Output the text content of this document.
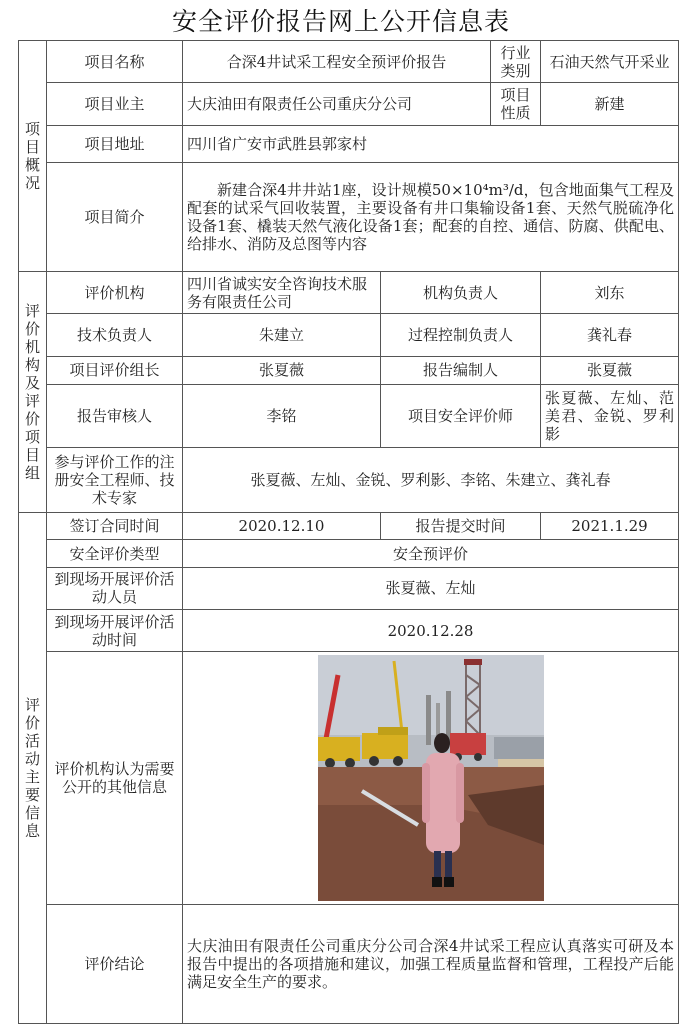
安全评价报告网上公开信息表
项目概况	项目名称	合深4井试采工程安全预评价报告		行业类别	石油天然气开采业
	项目业主	大庆油田有限责任公司重庆分公司		项目性质	新建
	项目地址	四川省广安市武胜县郭家村			
	项目简介	新建合深4井井站1座，设计规模50×10⁴m³/d，包含地面集气工程及配套的试采气回收装置，主要设备有井口集输设备1套、天然气脱硫净化设备1套、橇装天然气液化设备1套；配套的自控、通信、防腐、供配电、给排水、消防及总图等内容			
评价机构及评价项目组	评价机构	四川省诚实安全咨询技术服务有限责任公司	机构负责人		刘东
	技术负责人	朱建立	过程控制负责人		龚礼春
	项目评价组长	张夏薇	报告编制人		张夏薇
	报告审核人	李铭	项目安全评价师		张夏薇、左灿、范美君、金锐、罗利影
	参与评价工作的注册安全工程师、技术专家	张夏薇、左灿、金锐、罗利影、李铭、朱建立、龚礼春			
评价活动主要信息	签订合同时间	2020.12.10	报告提交时间		2021.1.29
	安全评价类型	安全预评价			
	到现场开展评价活动人员	张夏薇、左灿			
	到现场开展评价活动时间	2020.12.28			
	评价机构认为需要公开的其他信息	

	评价结论	大庆油田有限责任公司重庆分公司合深4井试采工程应认真落实可研及本报告中提出的各项措施和建议，加强工程质量监督和管理，工程投产后能满足安全生产的要求。			
